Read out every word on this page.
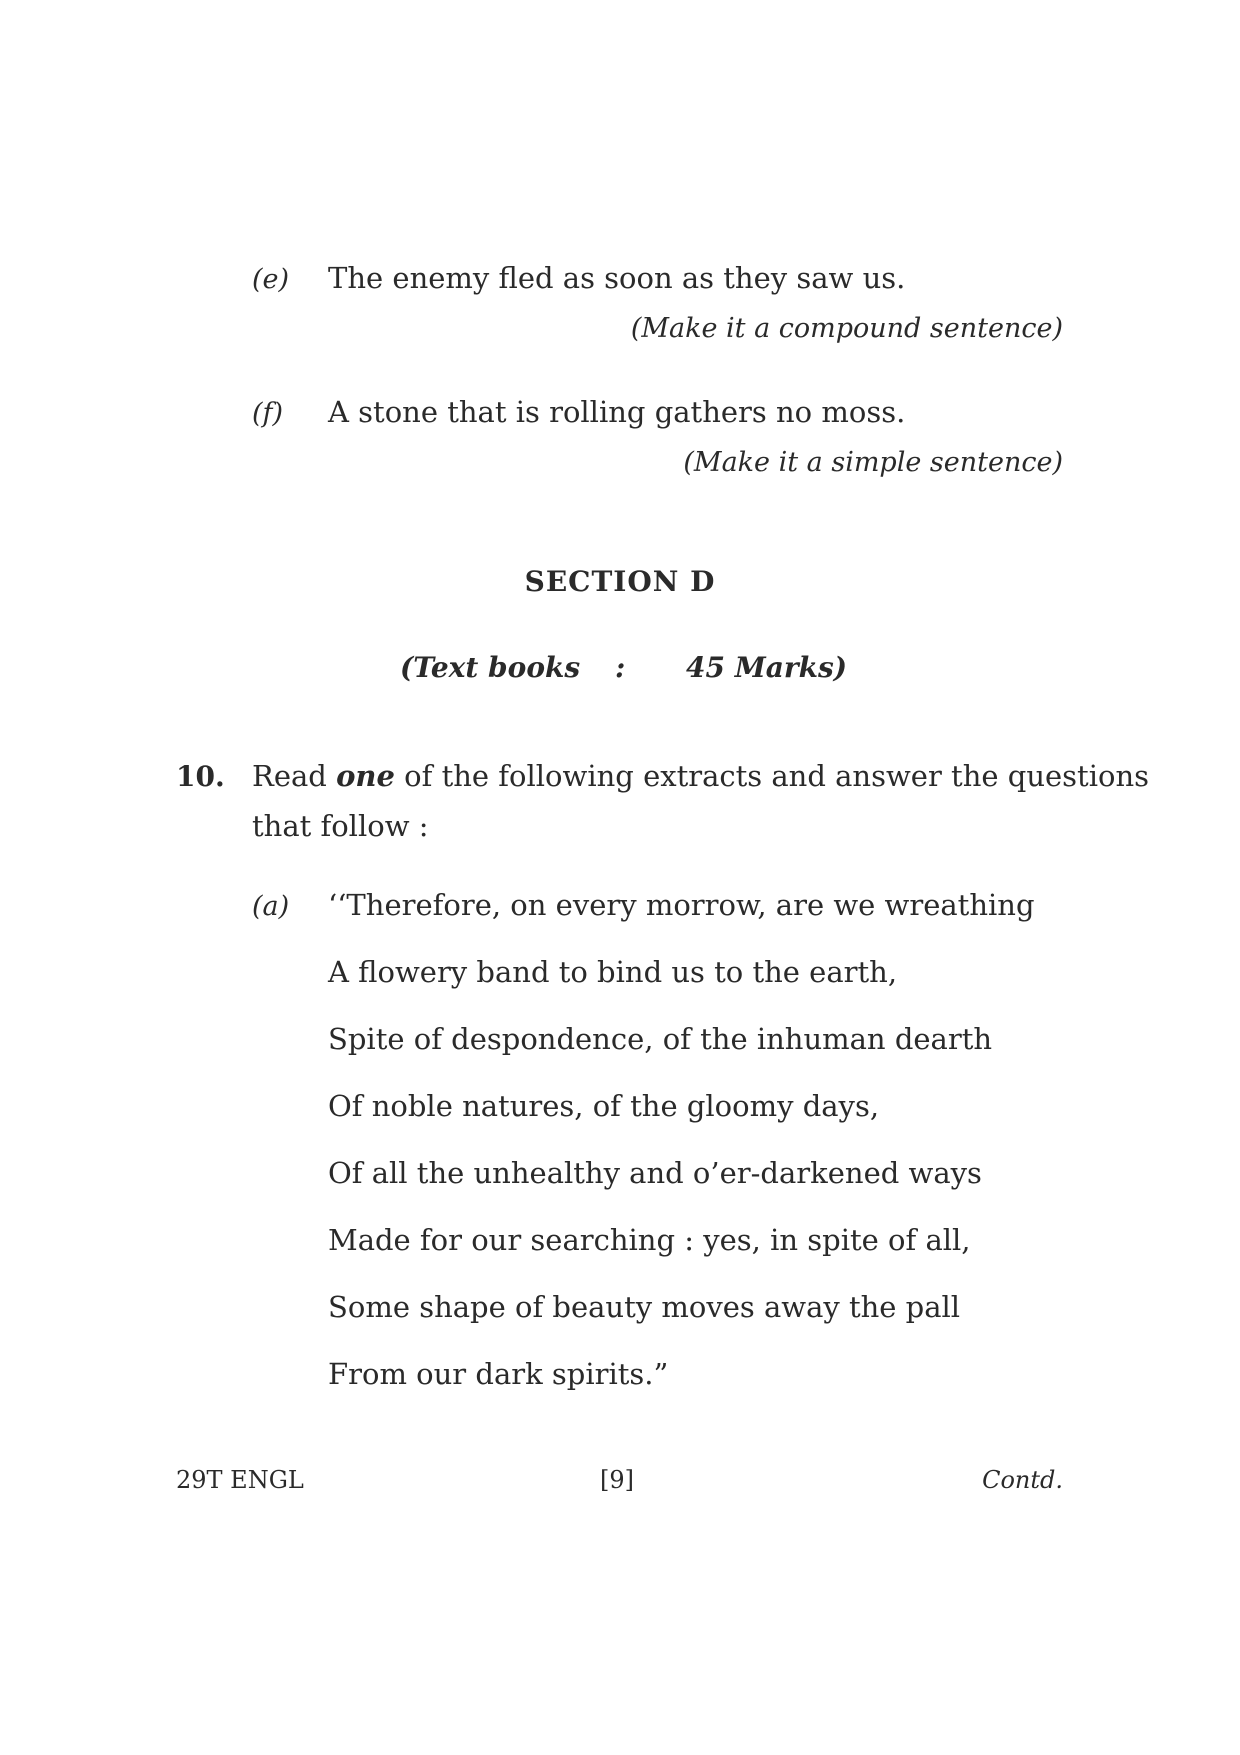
(e) The enemy fled as soon as they saw us.
(Make it a compound sentence)
(f) A stone that is rolling gathers no moss.
(Make it a simple sentence)
SECTION D
(Text books : 45 Marks)
10. Read one of the following extracts and answer the questions
that follow :
(a) ‘‘Therefore, on every morrow, are we wreathing
A flowery band to bind us to the earth,
Spite of despondence, of the inhuman dearth
Of noble natures, of the gloomy days,
Of all the unhealthy and o’er-darkened ways
Made for our searching : yes, in spite of all,
Some shape of beauty moves away the pall
From our dark spirits.”
29T ENGL	[9]	Contd.
